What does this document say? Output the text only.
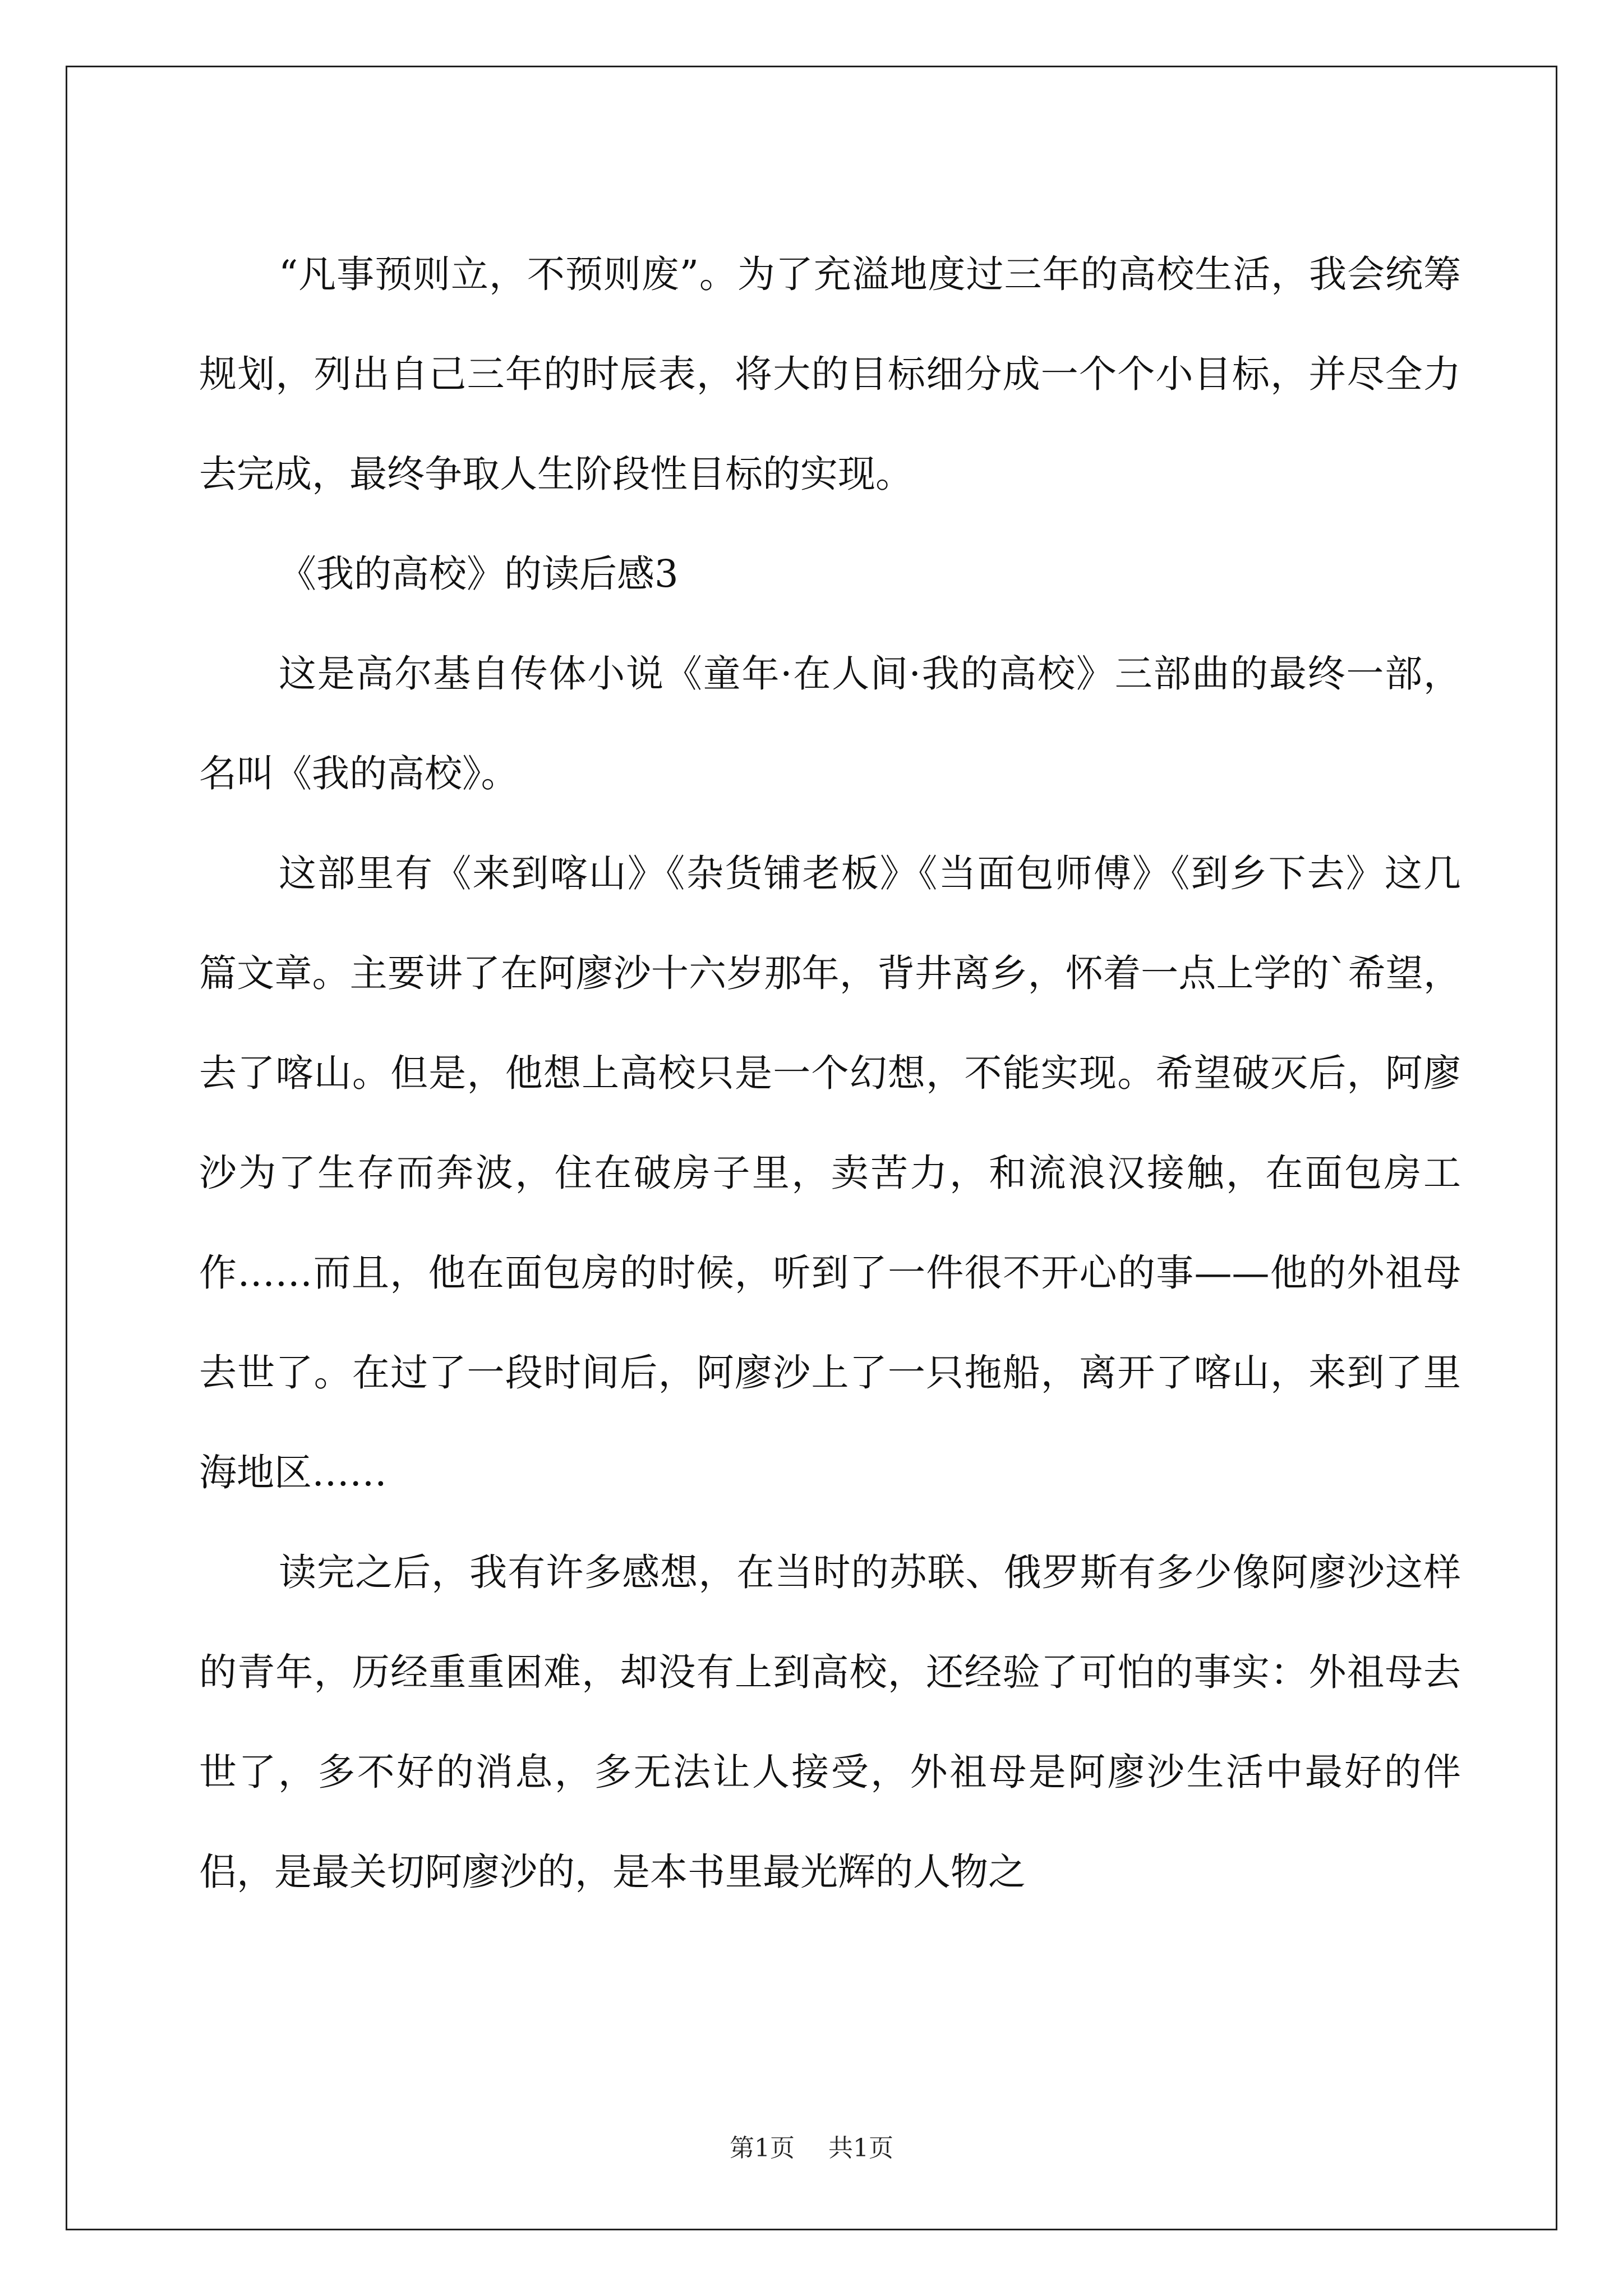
“凡事预则立，不预则废”。为了充溢地度过三年的高校生活，我会统筹规划，列出自己三年的时辰表，将大的目标细分成一个个小目标，并尽全力去完成，最终争取人生阶段性目标的实现。

《我的高校》的读后感3

这是高尔基自传体小说《童年·在人间·我的高校》三部曲的最终一部，名叫《我的高校》。

这部里有《来到喀山》《杂货铺老板》《当面包师傅》《到乡下去》这几篇文章。主要讲了在阿廖沙十六岁那年，背井离乡，怀着一点上学的`希望，去了喀山。但是，他想上高校只是一个幻想，不能实现。希望破灭后，阿廖沙为了生存而奔波，住在破房子里，卖苦力，和流浪汉接触，在面包房工作……而且，他在面包房的时候，听到了一件很不开心的事——他的外祖母去世了。在过了一段时间后，阿廖沙上了一只拖船，离开了喀山，来到了里海地区……

读完之后，我有许多感想，在当时的苏联、俄罗斯有多少像阿廖沙这样的青年，历经重重困难，却没有上到高校，还经验了可怕的事实：外祖母去世了，多不好的消息，多无法让人接受，外祖母是阿廖沙生活中最好的伴侣，是最关切阿廖沙的，是本书里最光辉的人物之

第1页 共1页
